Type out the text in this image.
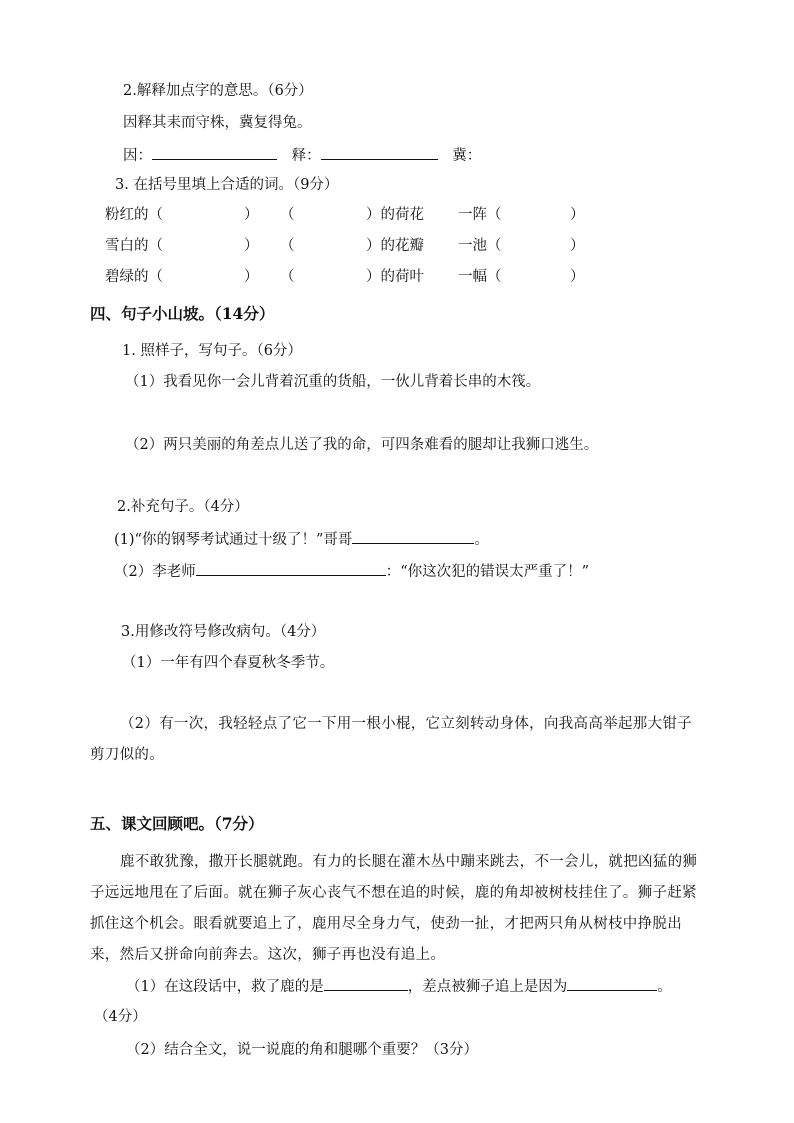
2.解释加点字的意思。（6分）
因释其耒而守株，冀复得兔。
因：	释：	冀：
3. 在括号里填上合适的词。（9分）
粉红的（	） （	）的荷花 一阵（	）
雪白的（	） （	）的花瓣 一池（	）
碧绿的（	） （	）的荷叶 一幅（	）
四、句子小山坡。（14分）
1. 照样子，写句子。（6分）
（1）我看见你一会儿背着沉重的货船，一伙儿背着长串的木筏。
（2）两只美丽的角差点儿送了我的命，可四条难看的腿却让我狮口逃生。
2.补充句子。（4分）
(1)“你的钢琴考试通过十级了！”哥哥	。
（2）李老师	：“你这次犯的错误太严重了！”
3.用修改符号修改病句。（4分）
（1）一年有四个春夏秋冬季节。
（2）有一次，我轻轻点了它一下用一根小棍，它立刻转动身体，向我高高举起那大钳子剪刀似的。
五、课文回顾吧。（7分）
鹿不敢犹豫，撒开长腿就跑。有力的长腿在灌木丛中蹦来跳去，不一会儿，就把凶猛的狮子远远地甩在了后面。就在狮子灰心丧气不想在追的时候，鹿的角却被树枝挂住了。狮子赶紧抓住这个机会。眼看就要追上了，鹿用尽全身力气，使劲一扯，才把两只角从树枝中挣脱出来，然后又拼命向前奔去。这次，狮子再也没有追上。
（1）在这段话中，救了鹿的是	，差点被狮子追上是因为	。
（4分）
（2）结合全文，说一说鹿的角和腿哪个重要？（3分）
